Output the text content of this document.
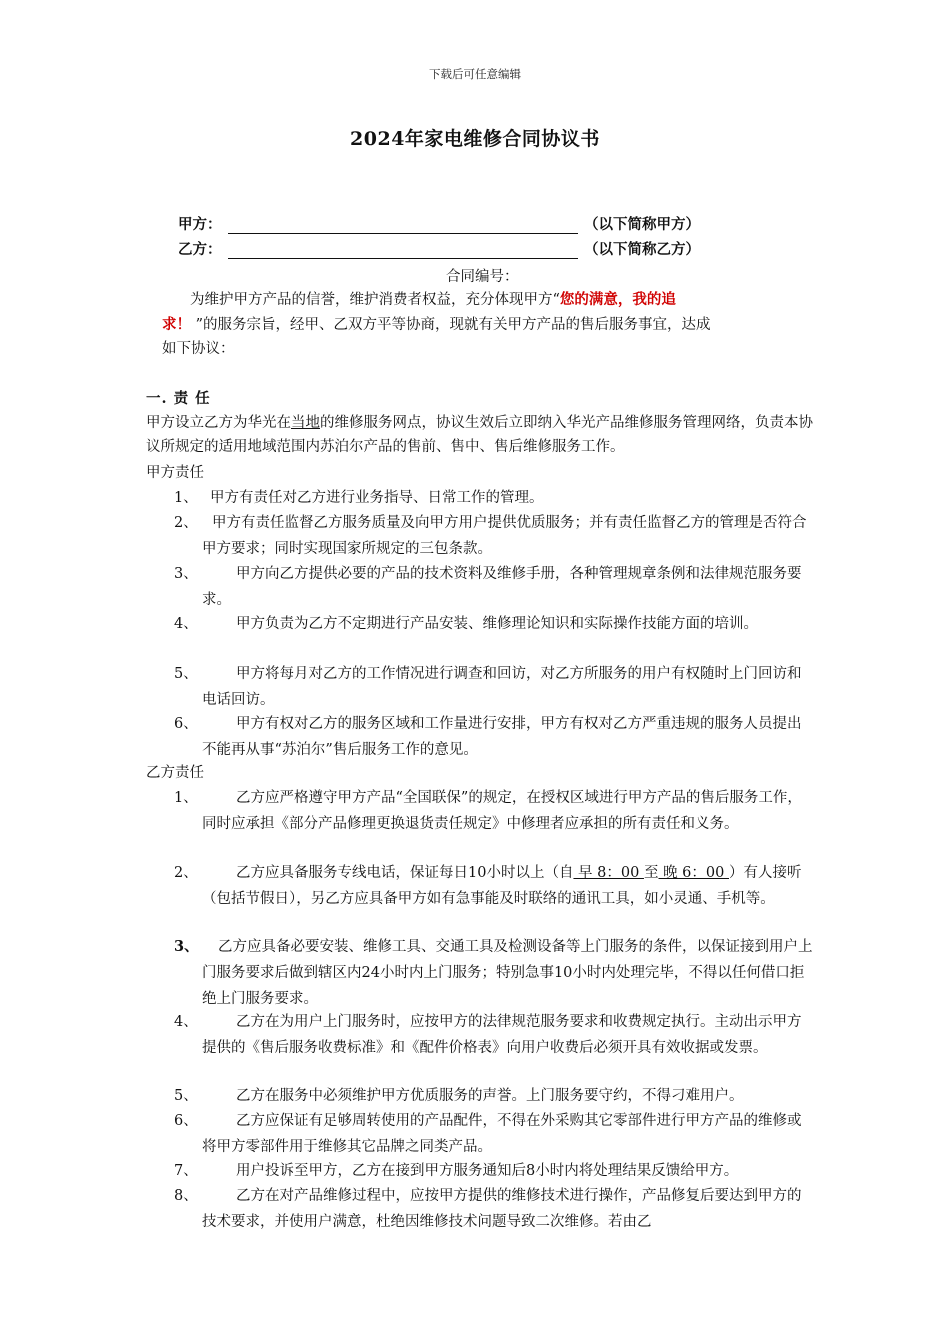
下载后可任意编辑
2024年家电维修合同协议书
甲方：	（以下简称甲方）
乙方：	（以下简称乙方）
合同编号：
为维护甲方产品的信誉，维护消费者权益，充分体现甲方“您的满意，我的追
求！ ”的服务宗旨，经甲、乙双方平等协商，现就有关甲方产品的售后服务事宜，达成
如下协议：
一. 责 任
甲方设立乙方为华光在当地的维修服务网点，协议生效后立即纳入华光产品维修服务管理网络，负责本协议所规定的适用地域范围内苏泊尔产品的售前、售中、售后维修服务工作。
甲方责任
1、 甲方有责任对乙方进行业务指导、日常工作的管理。
2、 甲方有责任监督乙方服务质量及向甲方用户提供优质服务；并有责任监督乙方的管理是否符合甲方要求；同时实现国家所规定的三包条款。
3、	甲方向乙方提供必要的产品的技术资料及维修手册，各种管理规章条例和法律规范服务要求。
4、	甲方负责为乙方不定期进行产品安装、维修理论知识和实际操作技能方面的培训。
5、	甲方将每月对乙方的工作情况进行调查和回访，对乙方所服务的用户有权随时上门回访和电话回访。
6、	甲方有权对乙方的服务区域和工作量进行安排，甲方有权对乙方严重违规的服务人员提出不能再从事“苏泊尔”售后服务工作的意见。
乙方责任
1、	乙方应严格遵守甲方产品“全国联保”的规定，在授权区域进行甲方产品的售后服务工作，同时应承担《部分产品修理更换退货责任规定》中修理者应承担的所有责任和义务。
2、	乙方应具备服务专线电话，保证每日10小时以上（自 早 8：00 至 晚 6：00 ）有人接听（包括节假日），另乙方应具备甲方如有急事能及时联络的通讯工具，如小灵通、手机等。
3、	乙方应具备必要安装、维修工具、交通工具及检测设备等上门服务的条件，以保证接到用户上门服务要求后做到辖区内24小时内上门服务；特别急事10小时内处理完毕，不得以任何借口拒绝上门服务要求。
4、	乙方在为用户上门服务时，应按甲方的法律规范服务要求和收费规定执行。主动出示甲方提供的《售后服务收费标准》和《配件价格表》向用户收费后必须开具有效收据或发票。
5、	乙方在服务中必须维护甲方优质服务的声誉。上门服务要守约，不得刁难用户。
6、	乙方应保证有足够周转使用的产品配件，不得在外采购其它零部件进行甲方产品的维修或将甲方零部件用于维修其它品牌之同类产品。
7、	用户投诉至甲方，乙方在接到甲方服务通知后8小时内将处理结果反馈给甲方。
8、	乙方在对产品维修过程中，应按甲方提供的维修技术进行操作，产品修复后要达到甲方的技术要求，并使用户满意，杜绝因维修技术问题导致二次维修。若由乙
